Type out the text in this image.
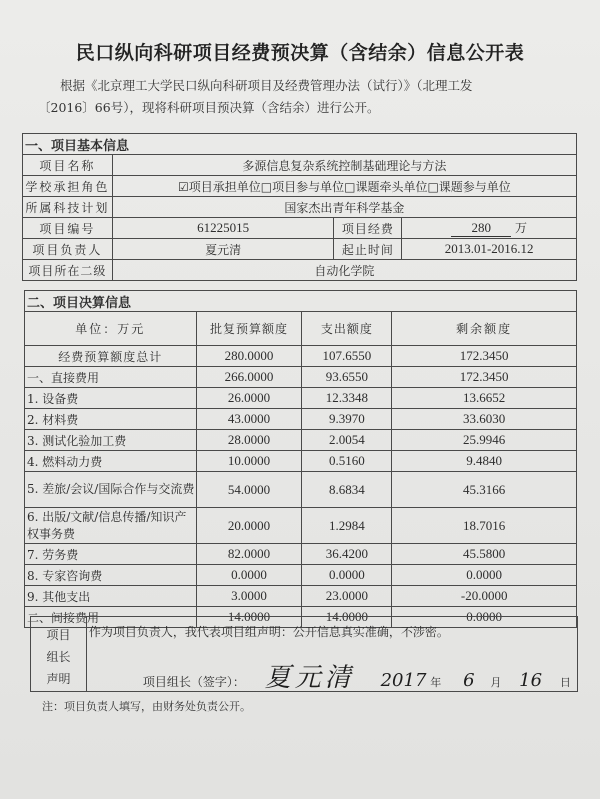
民口纵向科研项目经费预决算（含结余）信息公开表
根据《北京理工大学民口纵向科研项目及经费管理办法（试行）》（北理工发
〔2016〕66号），现将科研项目预决算（含结余）进行公开。
一、项目基本信息			
项目名称	多源信息复杂系统控制基础理论与方法		
学校承担角色	☑项目承担单位□项目参与单位□课题牵头单位□课题参与单位		
所属科技计划	国家杰出青年科学基金		
项目编号	61225015	项目经费	280 万
项目负责人	夏元清	起止时间	2013.01-2016.12
项目所在二级	自动化学院		
二、项目决算信息			
单位：万元	批复预算额度	支出额度	剩余额度
经费预算额度总计	280.0000	107.6550	172.3450
一、直接费用	266.0000	93.6550	172.3450
1. 设备费	26.0000	12.3348	13.6652
2. 材料费	43.0000	9.3970	33.6030
3. 测试化验加工费	28.0000	2.0054	25.9946
4. 燃料动力费	10.0000	0.5160	9.4840
5. 差旅/会议/国际合作与交流费	54.0000	8.6834	45.3166
6. 出版/文献/信息传播/知识产权事务费	20.0000	1.2984	18.7016
7. 劳务费	82.0000	36.4200	45.5800
8. 专家咨询费	0.0000	0.0000	0.0000
9. 其他支出	3.0000	23.0000	-20.0000
二、间接费用	14.0000	14.0000	0.0000
项目
组长
声明

作为项目负责人，我代表项目组声明：公开信息真实准确，不涉密。
项目组长（签字）： 夏元清 2017 年 6 月 16 日
注：项目负责人填写，由财务处负责公开。
